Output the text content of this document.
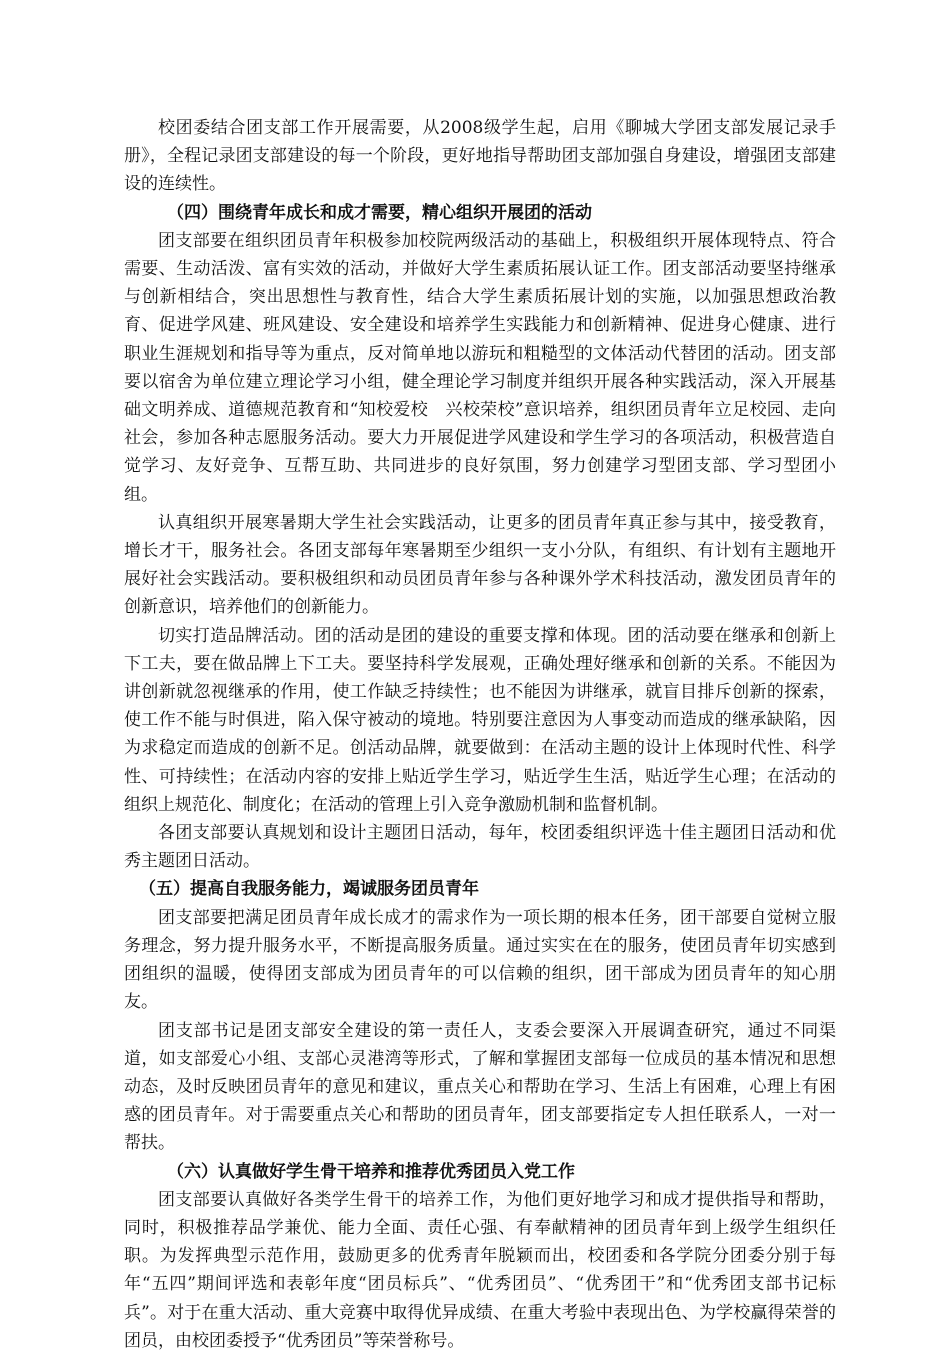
校团委结合团支部工作开展需要，从2008级学生起，启用《聊城大学团支部发展记录手册》，全程记录团支部建设的每一个阶段，更好地指导帮助团支部加强自身建设，增强团支部建设的连续性。

（四）围绕青年成长和成才需要，精心组织开展团的活动

团支部要在组织团员青年积极参加校院两级活动的基础上，积极组织开展体现特点、符合需要、生动活泼、富有实效的活动，并做好大学生素质拓展认证工作。团支部活动要坚持继承与创新相结合，突出思想性与教育性，结合大学生素质拓展计划的实施，以加强思想政治教育、促进学风建、班风建设、安全建设和培养学生实践能力和创新精神、促进身心健康、进行职业生涯规划和指导等为重点，反对简单地以游玩和粗糙型的文体活动代替团的活动。团支部要以宿舍为单位建立理论学习小组，健全理论学习制度并组织开展各种实践活动，深入开展基础文明养成、道德规范教育和“知校爱校　兴校荣校”意识培养，组织团员青年立足校园、走向社会，参加各种志愿服务活动。要大力开展促进学风建设和学生学习的各项活动，积极营造自觉学习、友好竞争、互帮互助、共同进步的良好氛围，努力创建学习型团支部、学习型团小组。

认真组织开展寒暑期大学生社会实践活动，让更多的团员青年真正参与其中，接受教育，增长才干，服务社会。各团支部每年寒暑期至少组织一支小分队，有组织、有计划有主题地开展好社会实践活动。要积极组织和动员团员青年参与各种课外学术科技活动，激发团员青年的创新意识，培养他们的创新能力。

切实打造品牌活动。团的活动是团的建设的重要支撑和体现。团的活动要在继承和创新上下工夫，要在做品牌上下工夫。要坚持科学发展观，正确处理好继承和创新的关系。不能因为讲创新就忽视继承的作用，使工作缺乏持续性；也不能因为讲继承，就盲目排斥创新的探索，使工作不能与时俱进，陷入保守被动的境地。特别要注意因为人事变动而造成的继承缺陷，因为求稳定而造成的创新不足。创活动品牌，就要做到：在活动主题的设计上体现时代性、科学性、可持续性；在活动内容的安排上贴近学生学习，贴近学生生活，贴近学生心理；在活动的组织上规范化、制度化；在活动的管理上引入竞争激励机制和监督机制。

各团支部要认真规划和设计主题团日活动，每年，校团委组织评选十佳主题团日活动和优秀主题团日活动。

（五）提高自我服务能力，竭诚服务团员青年

团支部要把满足团员青年成长成才的需求作为一项长期的根本任务，团干部要自觉树立服务理念，努力提升服务水平，不断提高服务质量。通过实实在在的服务，使团员青年切实感到团组织的温暖，使得团支部成为团员青年的可以信赖的组织，团干部成为团员青年的知心朋友。

团支部书记是团支部安全建设的第一责任人，支委会要深入开展调查研究，通过不同渠道，如支部爱心小组、支部心灵港湾等形式，了解和掌握团支部每一位成员的基本情况和思想动态，及时反映团员青年的意见和建议，重点关心和帮助在学习、生活上有困难，心理上有困惑的团员青年。对于需要重点关心和帮助的团员青年，团支部要指定专人担任联系人，一对一帮扶。

（六）认真做好学生骨干培养和推荐优秀团员入党工作

团支部要认真做好各类学生骨干的培养工作，为他们更好地学习和成才提供指导和帮助，同时，积极推荐品学兼优、能力全面、责任心强、有奉献精神的团员青年到上级学生组织任职。为发挥典型示范作用，鼓励更多的优秀青年脱颖而出，校团委和各学院分团委分别于每年“五四”期间评选和表彰年度“团员标兵”、“优秀团员”、“优秀团干”和“优秀团支部书记标兵”。对于在重大活动、重大竞赛中取得优异成绩、在重大考验中表现出色、为学校赢得荣誉的团员，由校团委授予“优秀团员”等荣誉称号。
